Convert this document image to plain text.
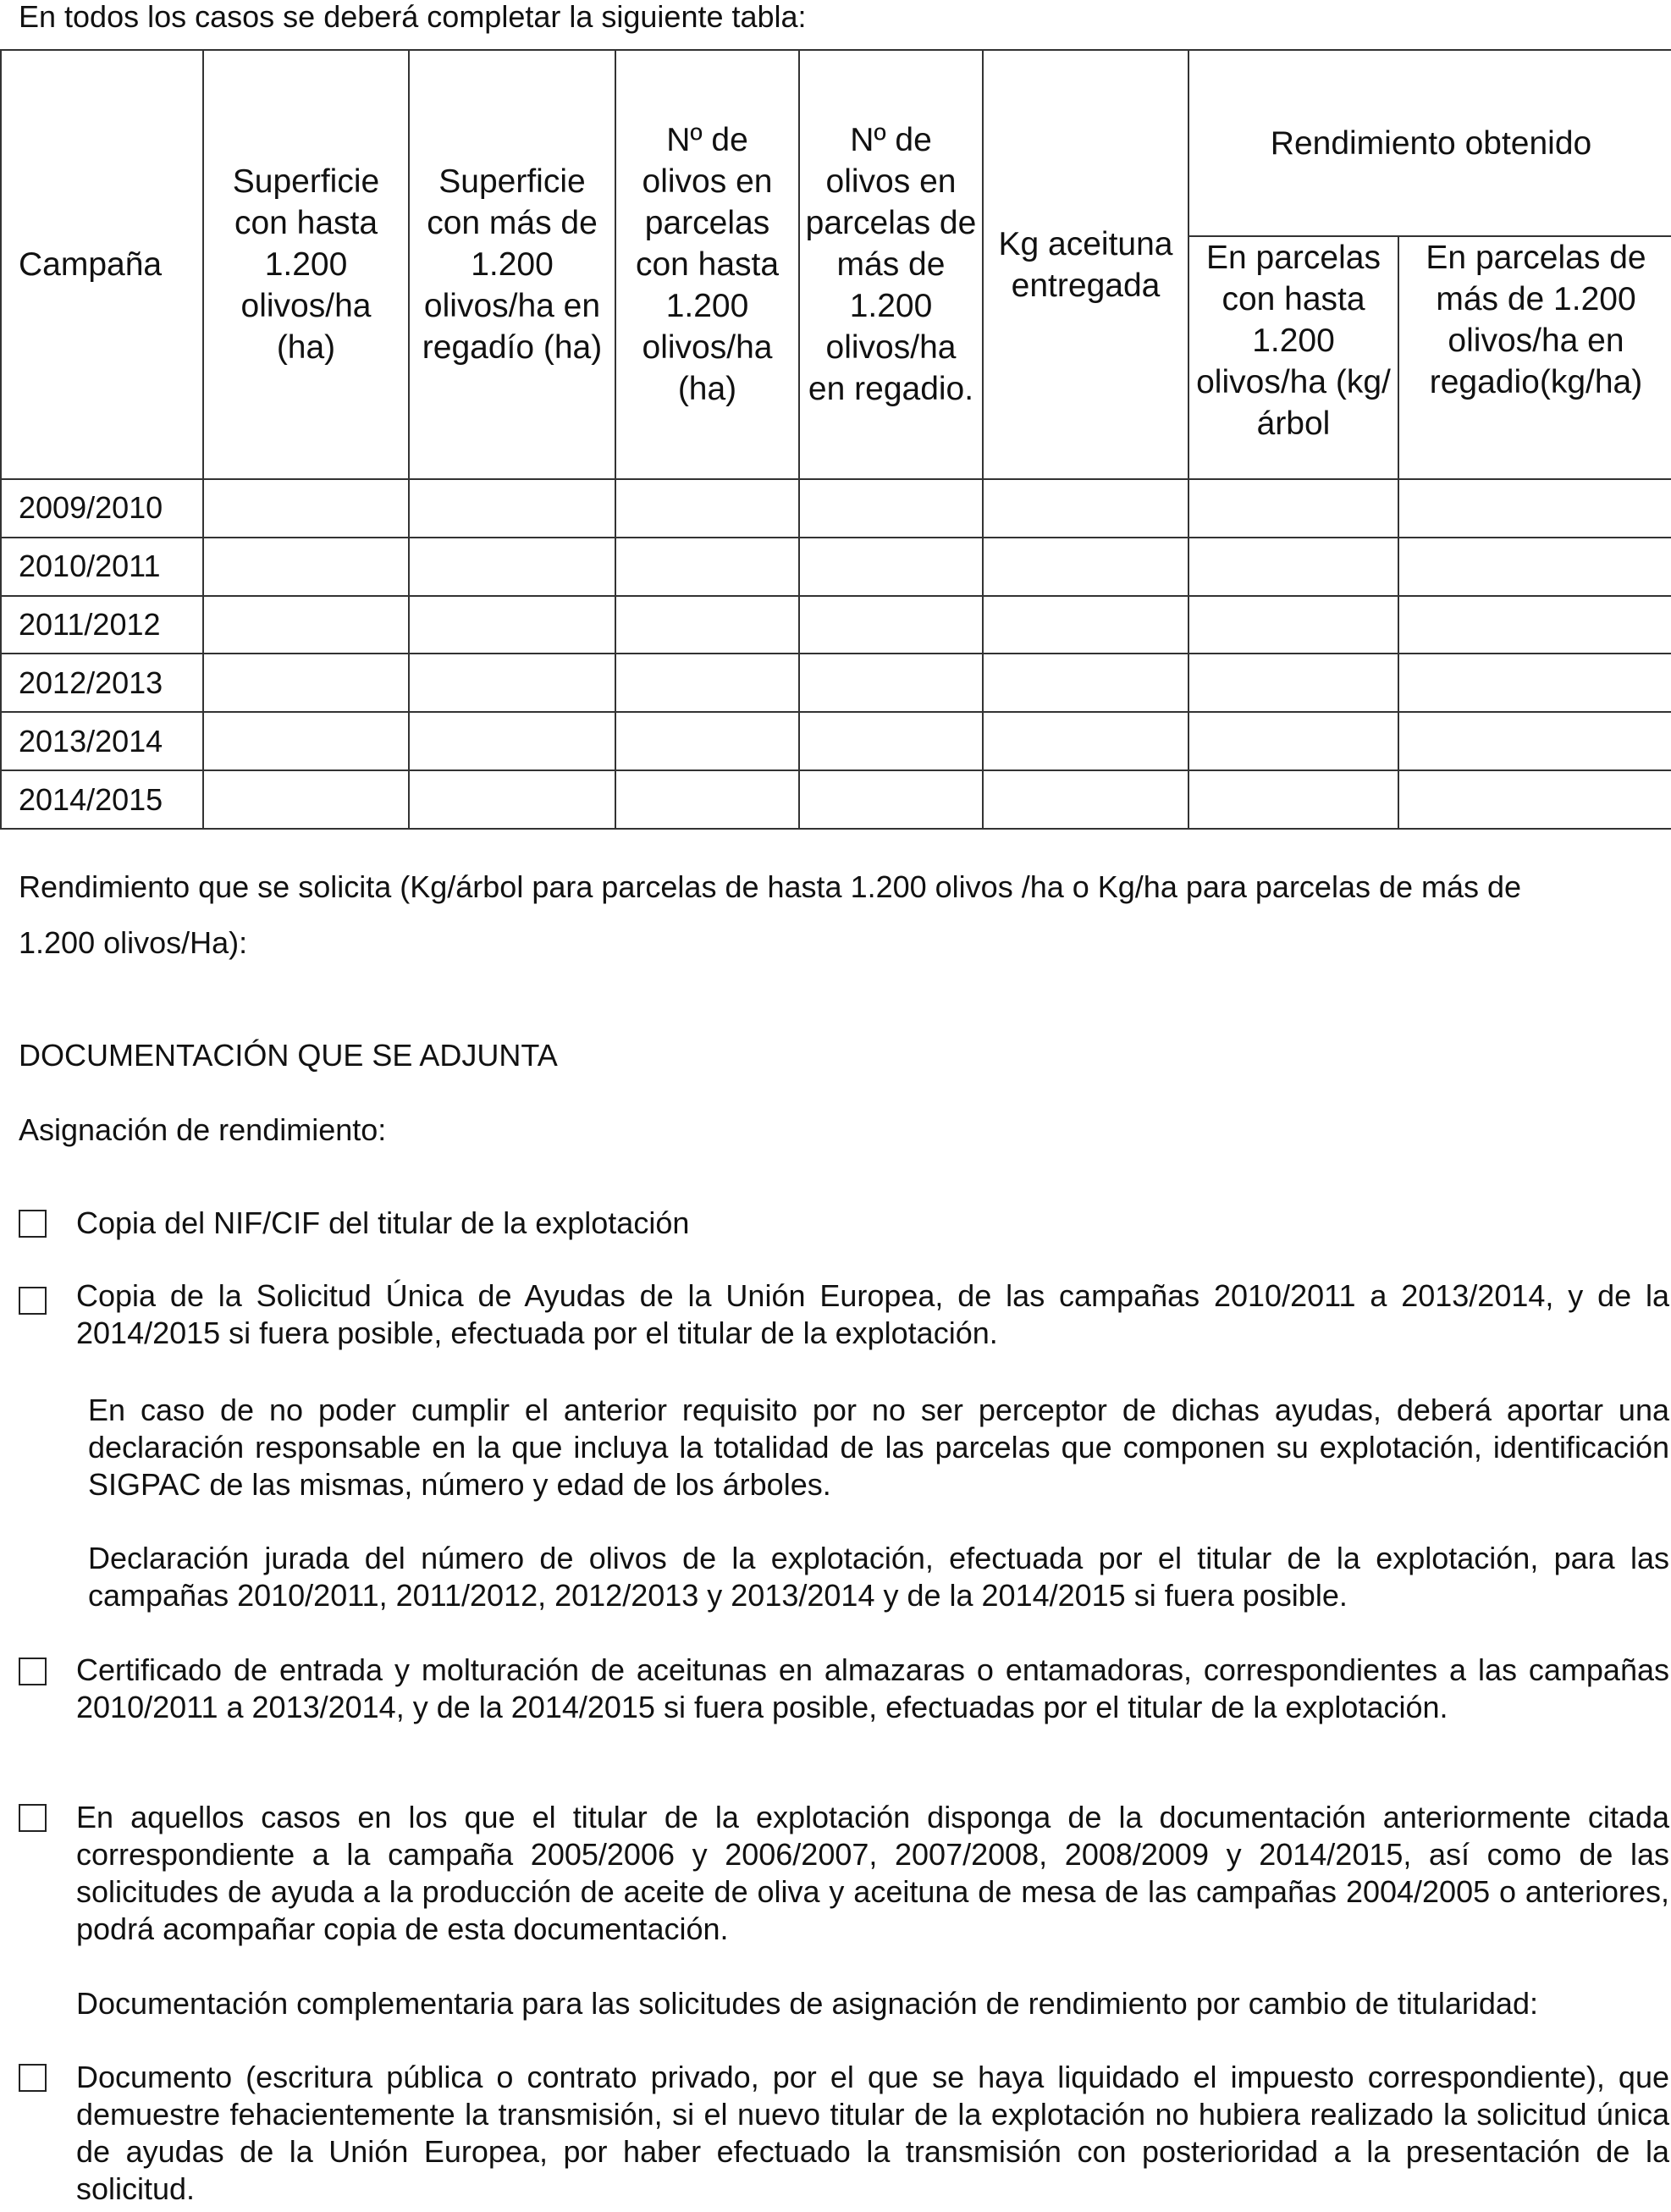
En todos los casos se deberá completar la siguiente tabla:
Campaña	Superficie con hasta 1.200 olivos/ha (ha)	Superficie con más de 1.200 olivos/ha en regadío (ha)	Nº de olivos en parcelas con hasta 1.200 olivos/ha (ha)	Nº de olivos en parcelas de más de 1.200 olivos/ha en regadio.	Kg aceituna entregada	Rendimiento obtenido	
						En parcelas con hasta 1.200 olivos/ha (kg/árbol	En parcelas de más de 1.200 olivos/ha en regadio(kg/ha)
2009/2010							
2010/2011							
2011/2012							
2012/2013							
2013/2014							
2014/2015							
Rendimiento que se solicita (Kg/árbol para parcelas de hasta 1.200 olivos /ha o Kg/ha para parcelas de más de
1.200 olivos/Ha):
DOCUMENTACIÓN QUE SE ADJUNTA
Asignación de rendimiento:
Copia del NIF/CIF del titular de la explotación
Copia de la Solicitud Única de Ayudas de la Unión Europea, de las campañas 2010/2011 a 2013/2014, y de la 2014/2015 si fuera posible, efectuada por el titular de la explotación.
En caso de no poder cumplir el anterior requisito por no ser perceptor de dichas ayudas, deberá aportar una declaración responsable en la que incluya la totalidad de las parcelas que componen su explotación, identificación SIGPAC de las mismas, número y edad de los árboles.
Declaración jurada del número de olivos de la explotación, efectuada por el titular de la explotación, para las campañas 2010/2011, 2011/2012, 2012/2013 y 2013/2014 y de la 2014/2015 si fuera posible.
Certificado de entrada y molturación de aceitunas en almazaras o entamadoras, correspondientes a las campañas 2010/2011 a 2013/2014, y de la 2014/2015 si fuera posible, efectuadas por el titular de la explotación.
En aquellos casos en los que el titular de la explotación disponga de la documentación anteriormente citada correspondiente a la campaña 2005/2006 y 2006/2007, 2007/2008, 2008/2009 y 2014/2015, así como de las solicitudes de ayuda a la producción de aceite de oliva y aceituna de mesa de las campañas 2004/2005 o anteriores, podrá acompañar copia de esta documentación.
Documentación complementaria para las solicitudes de asignación de rendimiento por cambio de titularidad:
Documento (escritura pública o contrato privado, por el que se haya liquidado el impuesto correspondiente), que demuestre fehacientemente la transmisión, si el nuevo titular de la explotación no hubiera realizado la solicitud única de ayudas de la Unión Europea, por haber efectuado la transmisión con posterioridad a la presentación de la solicitud.
